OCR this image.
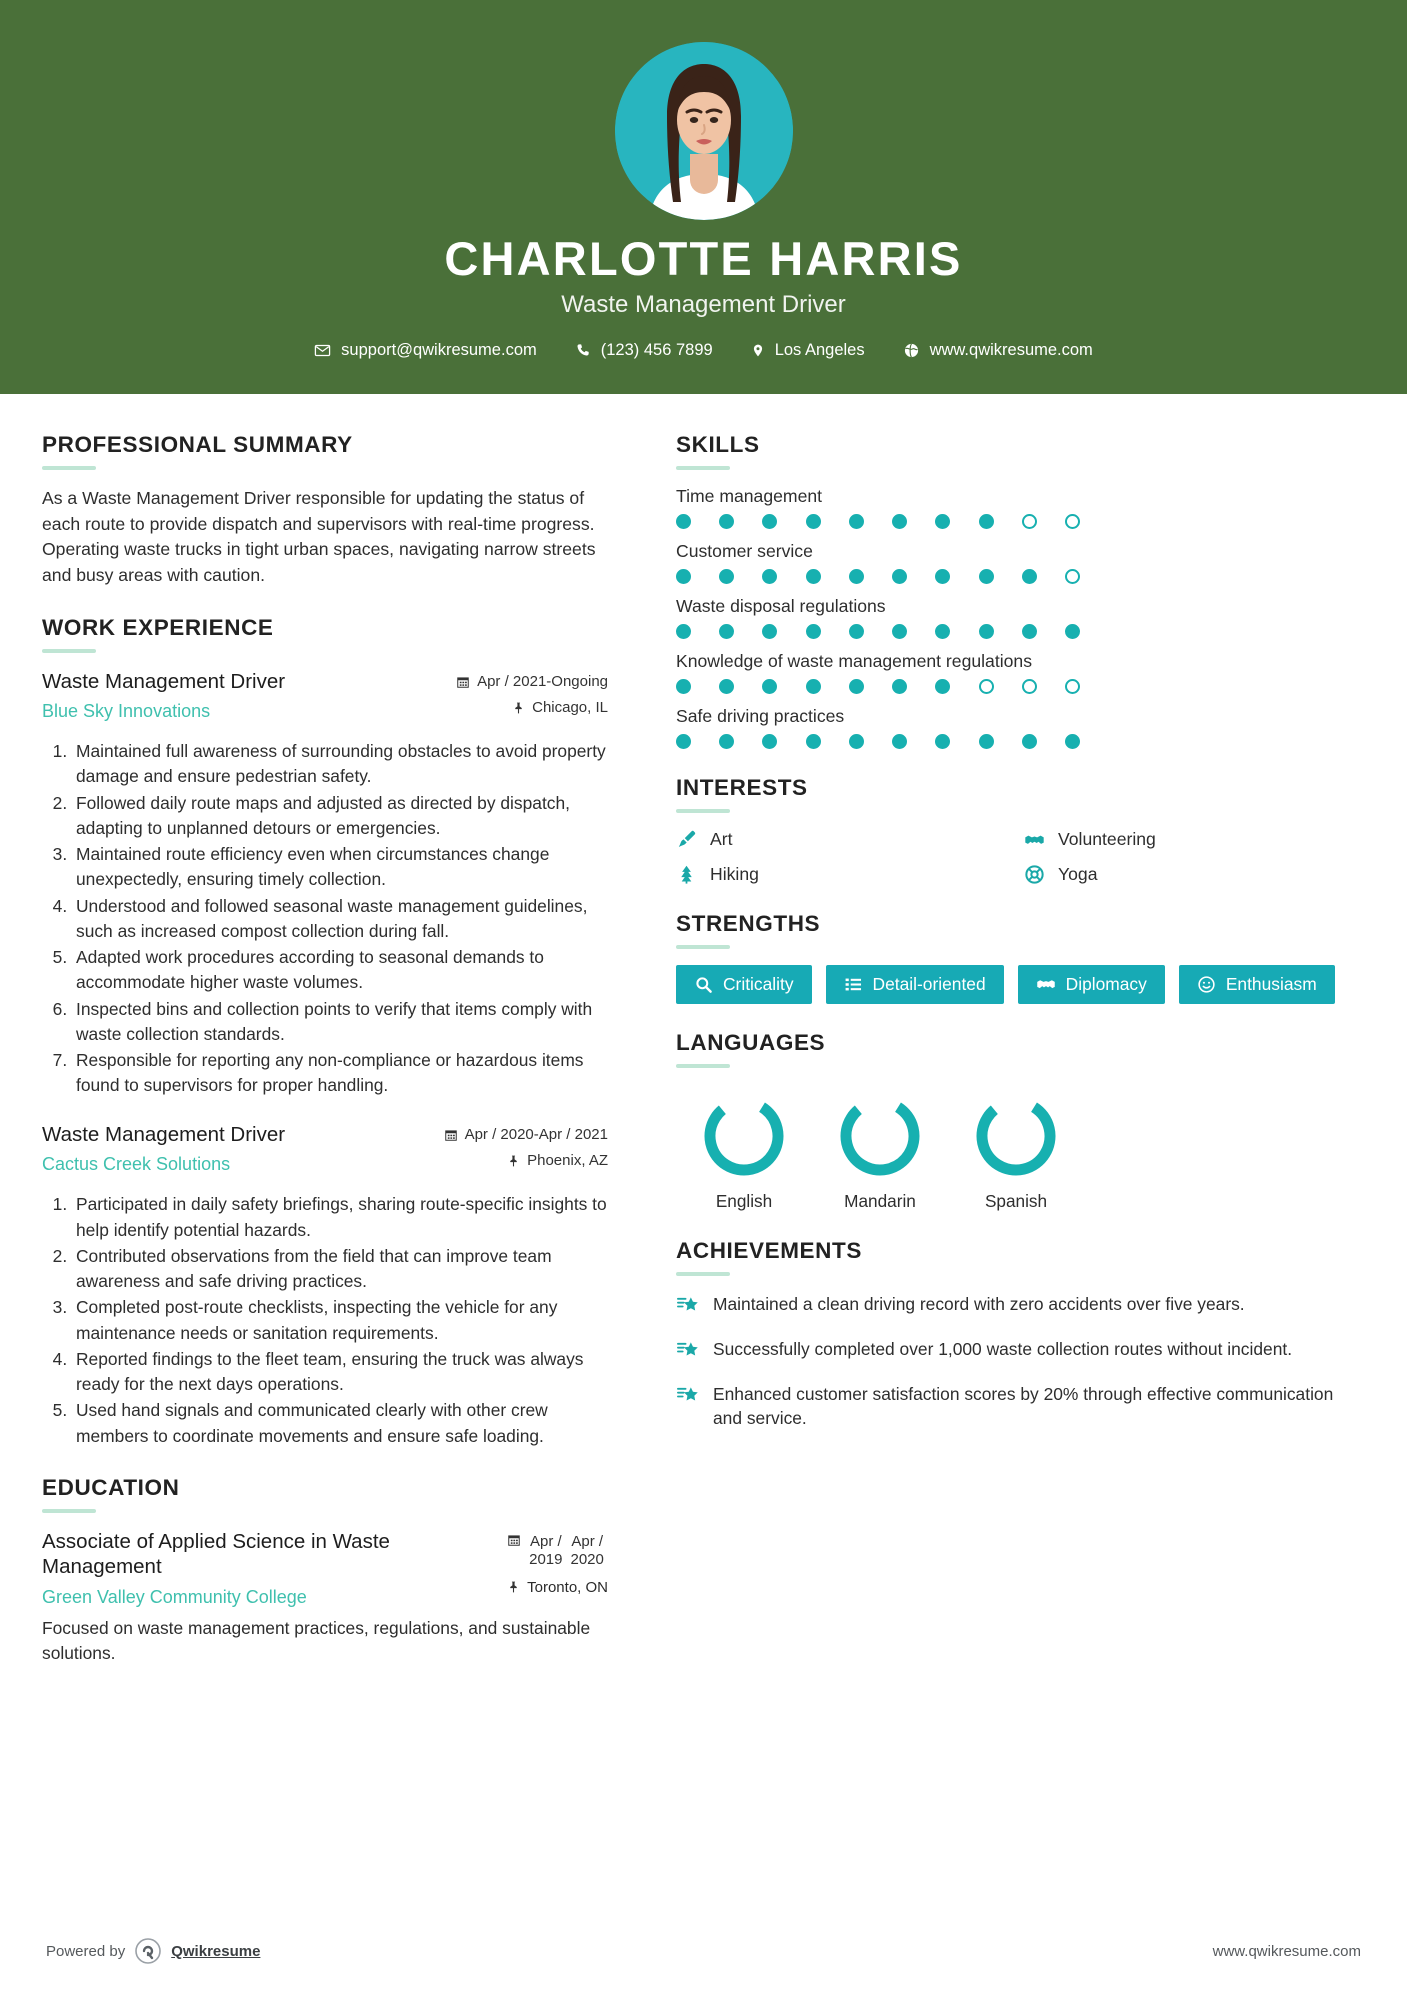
CHARLOTTE HARRIS
Waste Management Driver
support@qwikresume.com	(123) 456 7899	Los Angeles	www.qwikresume.com
PROFESSIONAL SUMMARY
As a Waste Management Driver responsible for updating the status of each route to provide dispatch and supervisors with real-time progress. Operating waste trucks in tight urban spaces, navigating narrow streets and busy areas with caution.
WORK EXPERIENCE
Waste Management Driver
Blue Sky Innovations
Apr / 2021-Ongoing
Chicago, IL
1. Maintained full awareness of surrounding obstacles to avoid property damage and ensure pedestrian safety.
2. Followed daily route maps and adjusted as directed by dispatch, adapting to unplanned detours or emergencies.
3. Maintained route efficiency even when circumstances change unexpectedly, ensuring timely collection.
4. Understood and followed seasonal waste management guidelines, such as increased compost collection during fall.
5. Adapted work procedures according to seasonal demands to accommodate higher waste volumes.
6. Inspected bins and collection points to verify that items comply with waste collection standards.
7. Responsible for reporting any non-compliance or hazardous items found to supervisors for proper handling.
Waste Management Driver
Cactus Creek Solutions
Apr / 2020-Apr / 2021
Phoenix, AZ
1. Participated in daily safety briefings, sharing route-specific insights to help identify potential hazards.
2. Contributed observations from the field that can improve team awareness and safe driving practices.
3. Completed post-route checklists, inspecting the vehicle for any maintenance needs or sanitation requirements.
4. Reported findings to the fleet team, ensuring the truck was always ready for the next days operations.
5. Used hand signals and communicated clearly with other crew members to coordinate movements and ensure safe loading.
EDUCATION
Associate of Applied Science in Waste Management
Green Valley Community College
Apr /
2019
Apr /
2020
Toronto, ON
Focused on waste management practices, regulations, and sustainable solutions.
SKILLS
Time management
Customer service
Waste disposal regulations
Knowledge of waste management regulations
Safe driving practices
INTERESTS
Art	Volunteering
Hiking	Yoga
STRENGTHS
Criticality	Detail-oriented	Diplomacy	Enthusiasm
LANGUAGES
English	Mandarin	Spanish
ACHIEVEMENTS
Maintained a clean driving record with zero accidents over five years.
Successfully completed over 1,000 waste collection routes without incident.
Enhanced customer satisfaction scores by 20% through effective communication and service.
Powered by	Qwikresume	www.qwikresume.com
